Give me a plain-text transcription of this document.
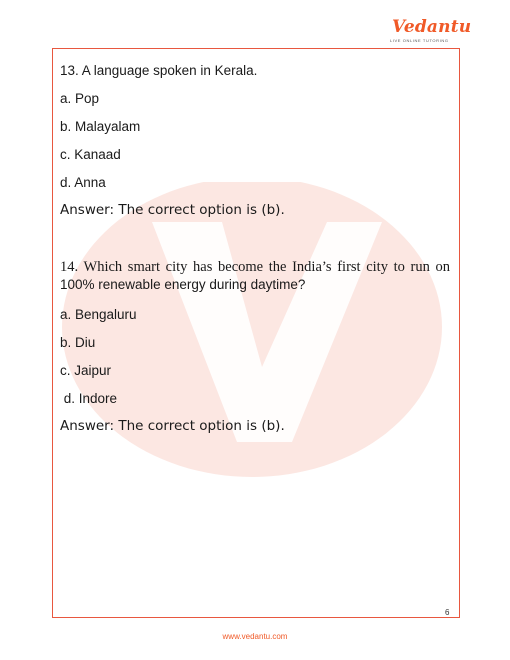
Vedantu
LIVE ONLINE TUTORING
13. A language spoken in Kerala.
a. Pop
b. Malayalam
c. Kanaad
d. Anna
Answer: The correct option is (b).
14. Which smart city has become the India’s first city to run on
100% renewable energy during daytime?
a. Bengaluru
b. Diu
c. Jaipur
d. Indore
Answer: The correct option is (b).
6
www.vedantu.com
